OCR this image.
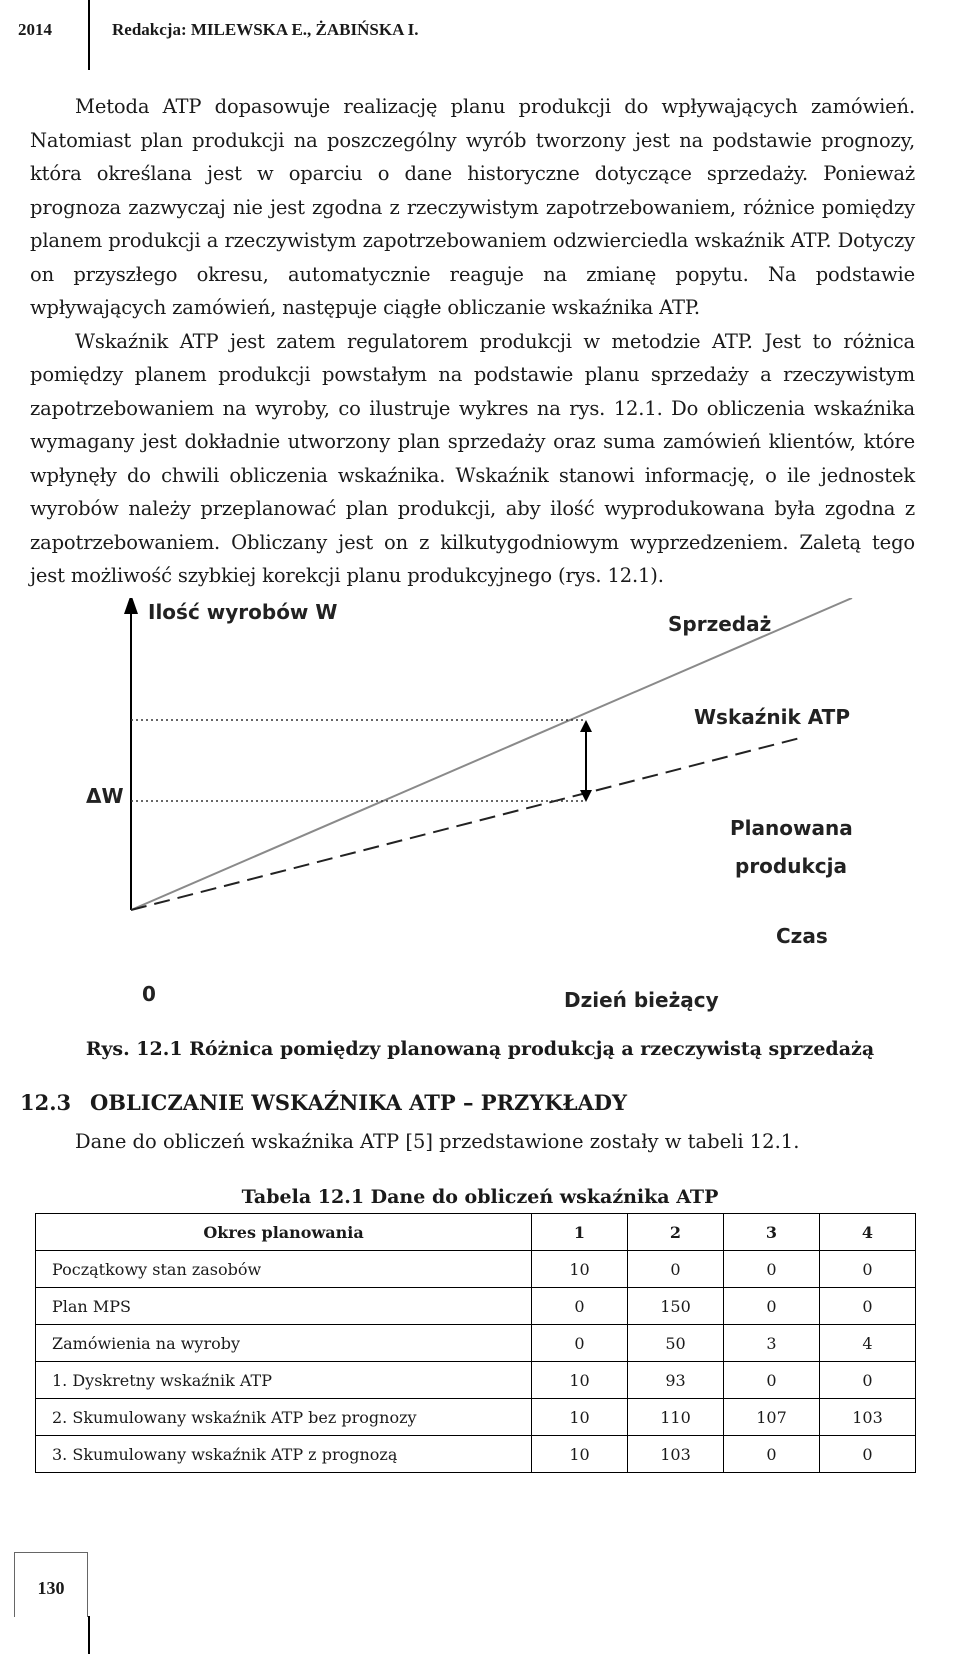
2014	Redakcja: MILEWSKA E., ŻABIŃSKA I.

Metoda ATP dopasowuje realizację planu produkcji do wpływających zamówień. Natomiast plan produkcji na poszczególny wyrób tworzony jest na podstawie prognozy, która określana jest w oparciu o dane historyczne dotyczące sprzedaży. Ponieważ prognoza zazwyczaj nie jest zgodna z rzeczywistym zapotrzebowaniem, różnice pomiędzy planem produkcji a rzeczywistym zapotrzebowaniem odzwierciedla wskaźnik ATP. Dotyczy on przyszłego okresu, automatycznie reaguje na zmianę popytu. Na podstawie wpływających zamówień, następuje ciągłe obliczanie wskaźnika ATP.

Wskaźnik ATP jest zatem regulatorem produkcji w metodzie ATP. Jest to różnica pomiędzy planem produkcji powstałym na podstawie planu sprzedaży a rzeczywistym zapotrzebowaniem na wyroby, co ilustruje wykres na rys. 12.1. Do obliczenia wskaźnika wymagany jest dokładnie utworzony plan sprzedaży oraz suma zamówień klientów, które wpłynęły do chwili obliczenia wskaźnika. Wskaźnik stanowi informację, o ile jednostek wyrobów należy przeplanować plan produkcji, aby ilość wyprodukowana była zgodna z zapotrzebowaniem. Obliczany jest on z kilkutygodniowym wyprzedzeniem. Zaletą tego jest możliwość szybkiej korekcji planu produkcyjnego (rys. 12.1).

Ilość wyrobów W	Sprzedaż
Wskaźnik ATP
ΔW
Planowana
produkcja
Czas
0	Dzień bieżący
Rys. 12.1 Różnica pomiędzy planowaną produkcją a rzeczywistą sprzedażą
12.3 OBLICZANIE WSKAŹNIKA ATP – PRZYKŁADY
Dane do obliczeń wskaźnika ATP [5] przedstawione zostały w tabeli 12.1.
Tabela 12.1 Dane do obliczeń wskaźnika ATP
Okres planowania	1	2	3	4
Początkowy stan zasobów	10	0	0	0
Plan MPS	0	150	0	0
Zamówienia na wyroby	0	50	3	4
1. Dyskretny wskaźnik ATP	10	93	0	0
2. Skumulowany wskaźnik ATP bez prognozy	10	110	107	103
3. Skumulowany wskaźnik ATP z prognozą	10	103	0	0
130
